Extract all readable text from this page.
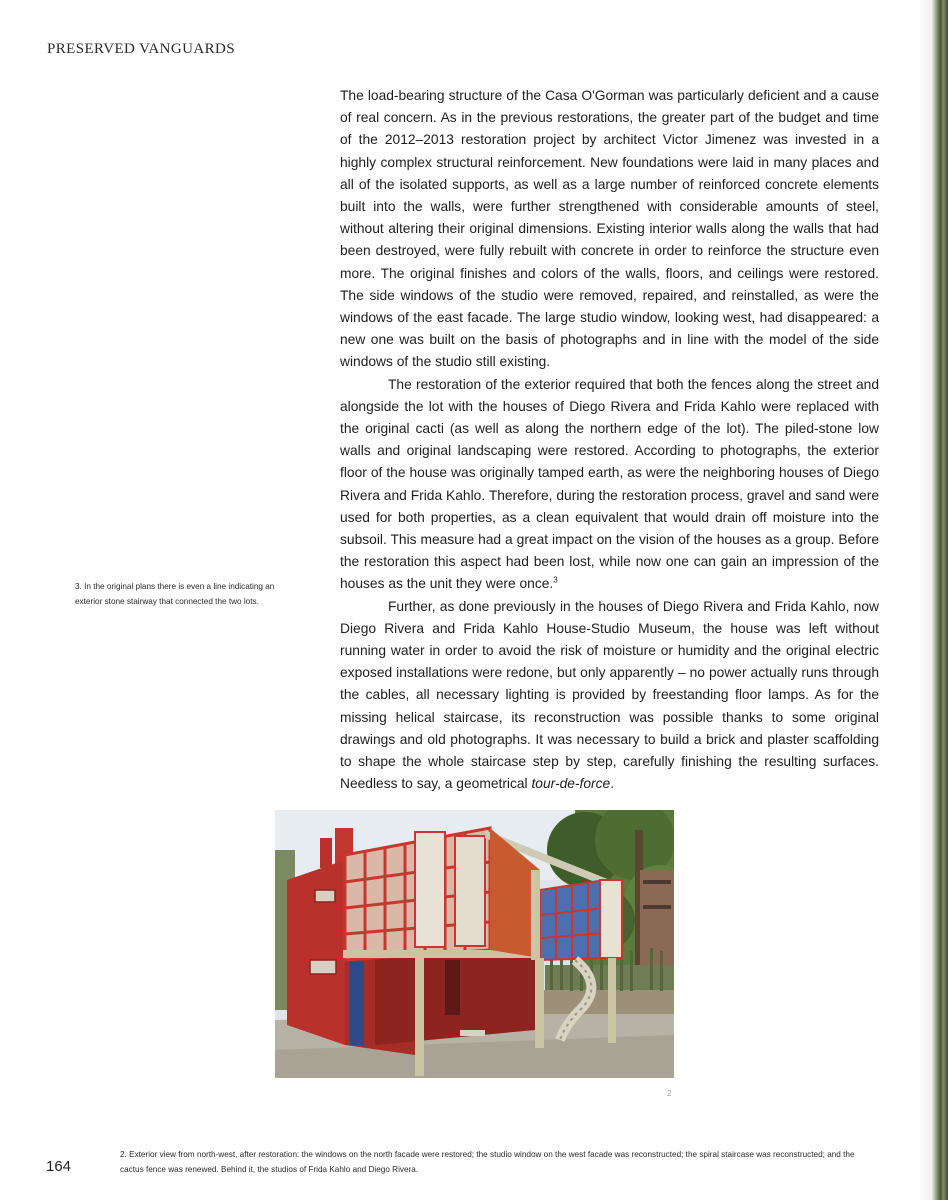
PRESERVED VANGUARDS

The load-bearing structure of the Casa O'Gorman was particularly deficient and a cause of real concern. As in the previous restorations, the greater part of the budget and time of the 2012–2013 restoration project by architect Victor Jimenez was invested in a highly complex structural reinforcement. New foundations were laid in many places and all of the isolated supports, as well as a large number of reinforced concrete elements built into the walls, were further strengthened with considerable amounts of steel, without altering their original dimensions. Existing interior walls along the walls that had been destroyed, were fully rebuilt with concrete in order to reinforce the structure even more. The original finishes and colors of the walls, floors, and ceilings were restored. The side windows of the studio were removed, repaired, and reinstalled, as were the windows of the east facade. The large studio window, looking west, had disappeared: a new one was built on the basis of photographs and in line with the model of the side windows of the studio still existing.

The restoration of the exterior required that both the fences along the street and alongside the lot with the houses of Diego Rivera and Frida Kahlo were replaced with the original cacti (as well as along the northern edge of the lot). The piled-stone low walls and original landscaping were restored. According to photographs, the exterior floor of the house was originally tamped earth, as were the neighboring houses of Diego Rivera and Frida Kahlo. Therefore, during the restoration process, gravel and sand were used for both properties, as a clean equivalent that would drain off moisture into the subsoil. This measure had a great impact on the vision of the houses as a group. Before the restoration this aspect had been lost, while now one can gain an impression of the houses as the unit they were once.$^3$

Further, as done previously in the houses of Diego Rivera and Frida Kahlo, now Diego Rivera and Frida Kahlo House-Studio Museum, the house was left without running water in order to avoid the risk of moisture or humidity and the original electric exposed installations were redone, but only apparently – no power actually runs through the cables, all necessary lighting is provided by freestanding floor lamps. As for the missing helical staircase, its reconstruction was possible thanks to some original drawings and old photographs. It was necessary to build a brick and plaster scaffolding to shape the whole staircase step by step, carefully finishing the resulting surfaces. Needless to say, a geometrical tour-de-force.

3. In the original plans there is even a line indicating an exterior stone stairway that connected the two lots.
2
164
2. Exterior view from north-west, after restoration: the windows on the north facade were restored; the studio window on the west facade was reconstructed; the spiral staircase was reconstructed; and the cactus fence was renewed. Behind it, the studios of Frida Kahlo and Diego Rivera.
